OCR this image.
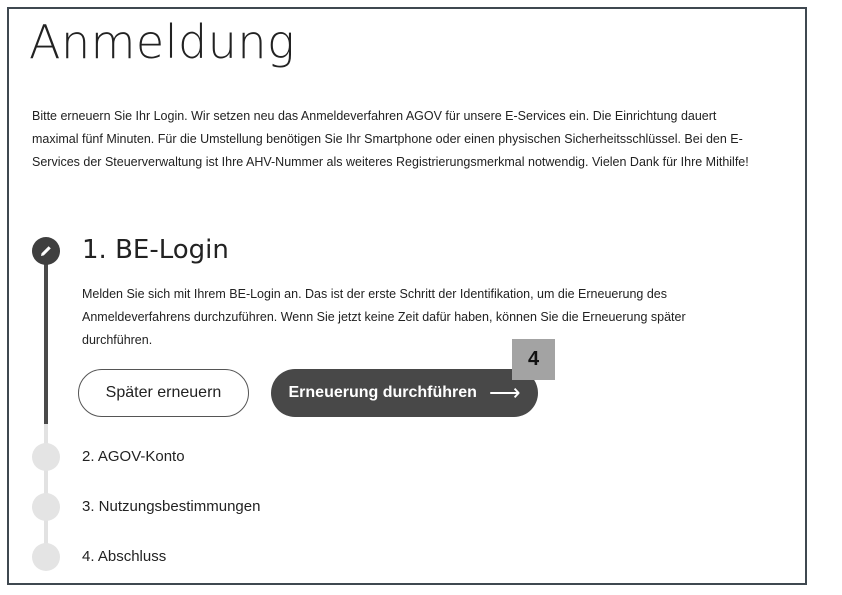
Anmeldung

Bitte erneuern Sie Ihr Login. Wir setzen neu das Anmeldeverfahren AGOV für unsere E-Services ein. Die Einrichtung dauert maximal fünf Minuten. Für die Umstellung benötigen Sie Ihr Smartphone oder einen physischen Sicherheitsschlüssel. Bei den E-Services der Steuerverwaltung ist Ihre AHV-Nummer als weiteres Registrierungsmerkmal notwendig. Vielen Dank für Ihre Mithilfe!

1. BE-Login

Melden Sie sich mit Ihrem BE-Login an. Das ist der erste Schritt der Identifikation, um die Erneuerung des Anmeldeverfahrens durchzuführen. Wenn Sie jetzt keine Zeit dafür haben, können Sie die Erneuerung später durchführen.

Später erneuern	Erneuerung durchführen ⟶
4

2. AGOV-Konto

3. Nutzungsbestimmungen

4. Abschluss
